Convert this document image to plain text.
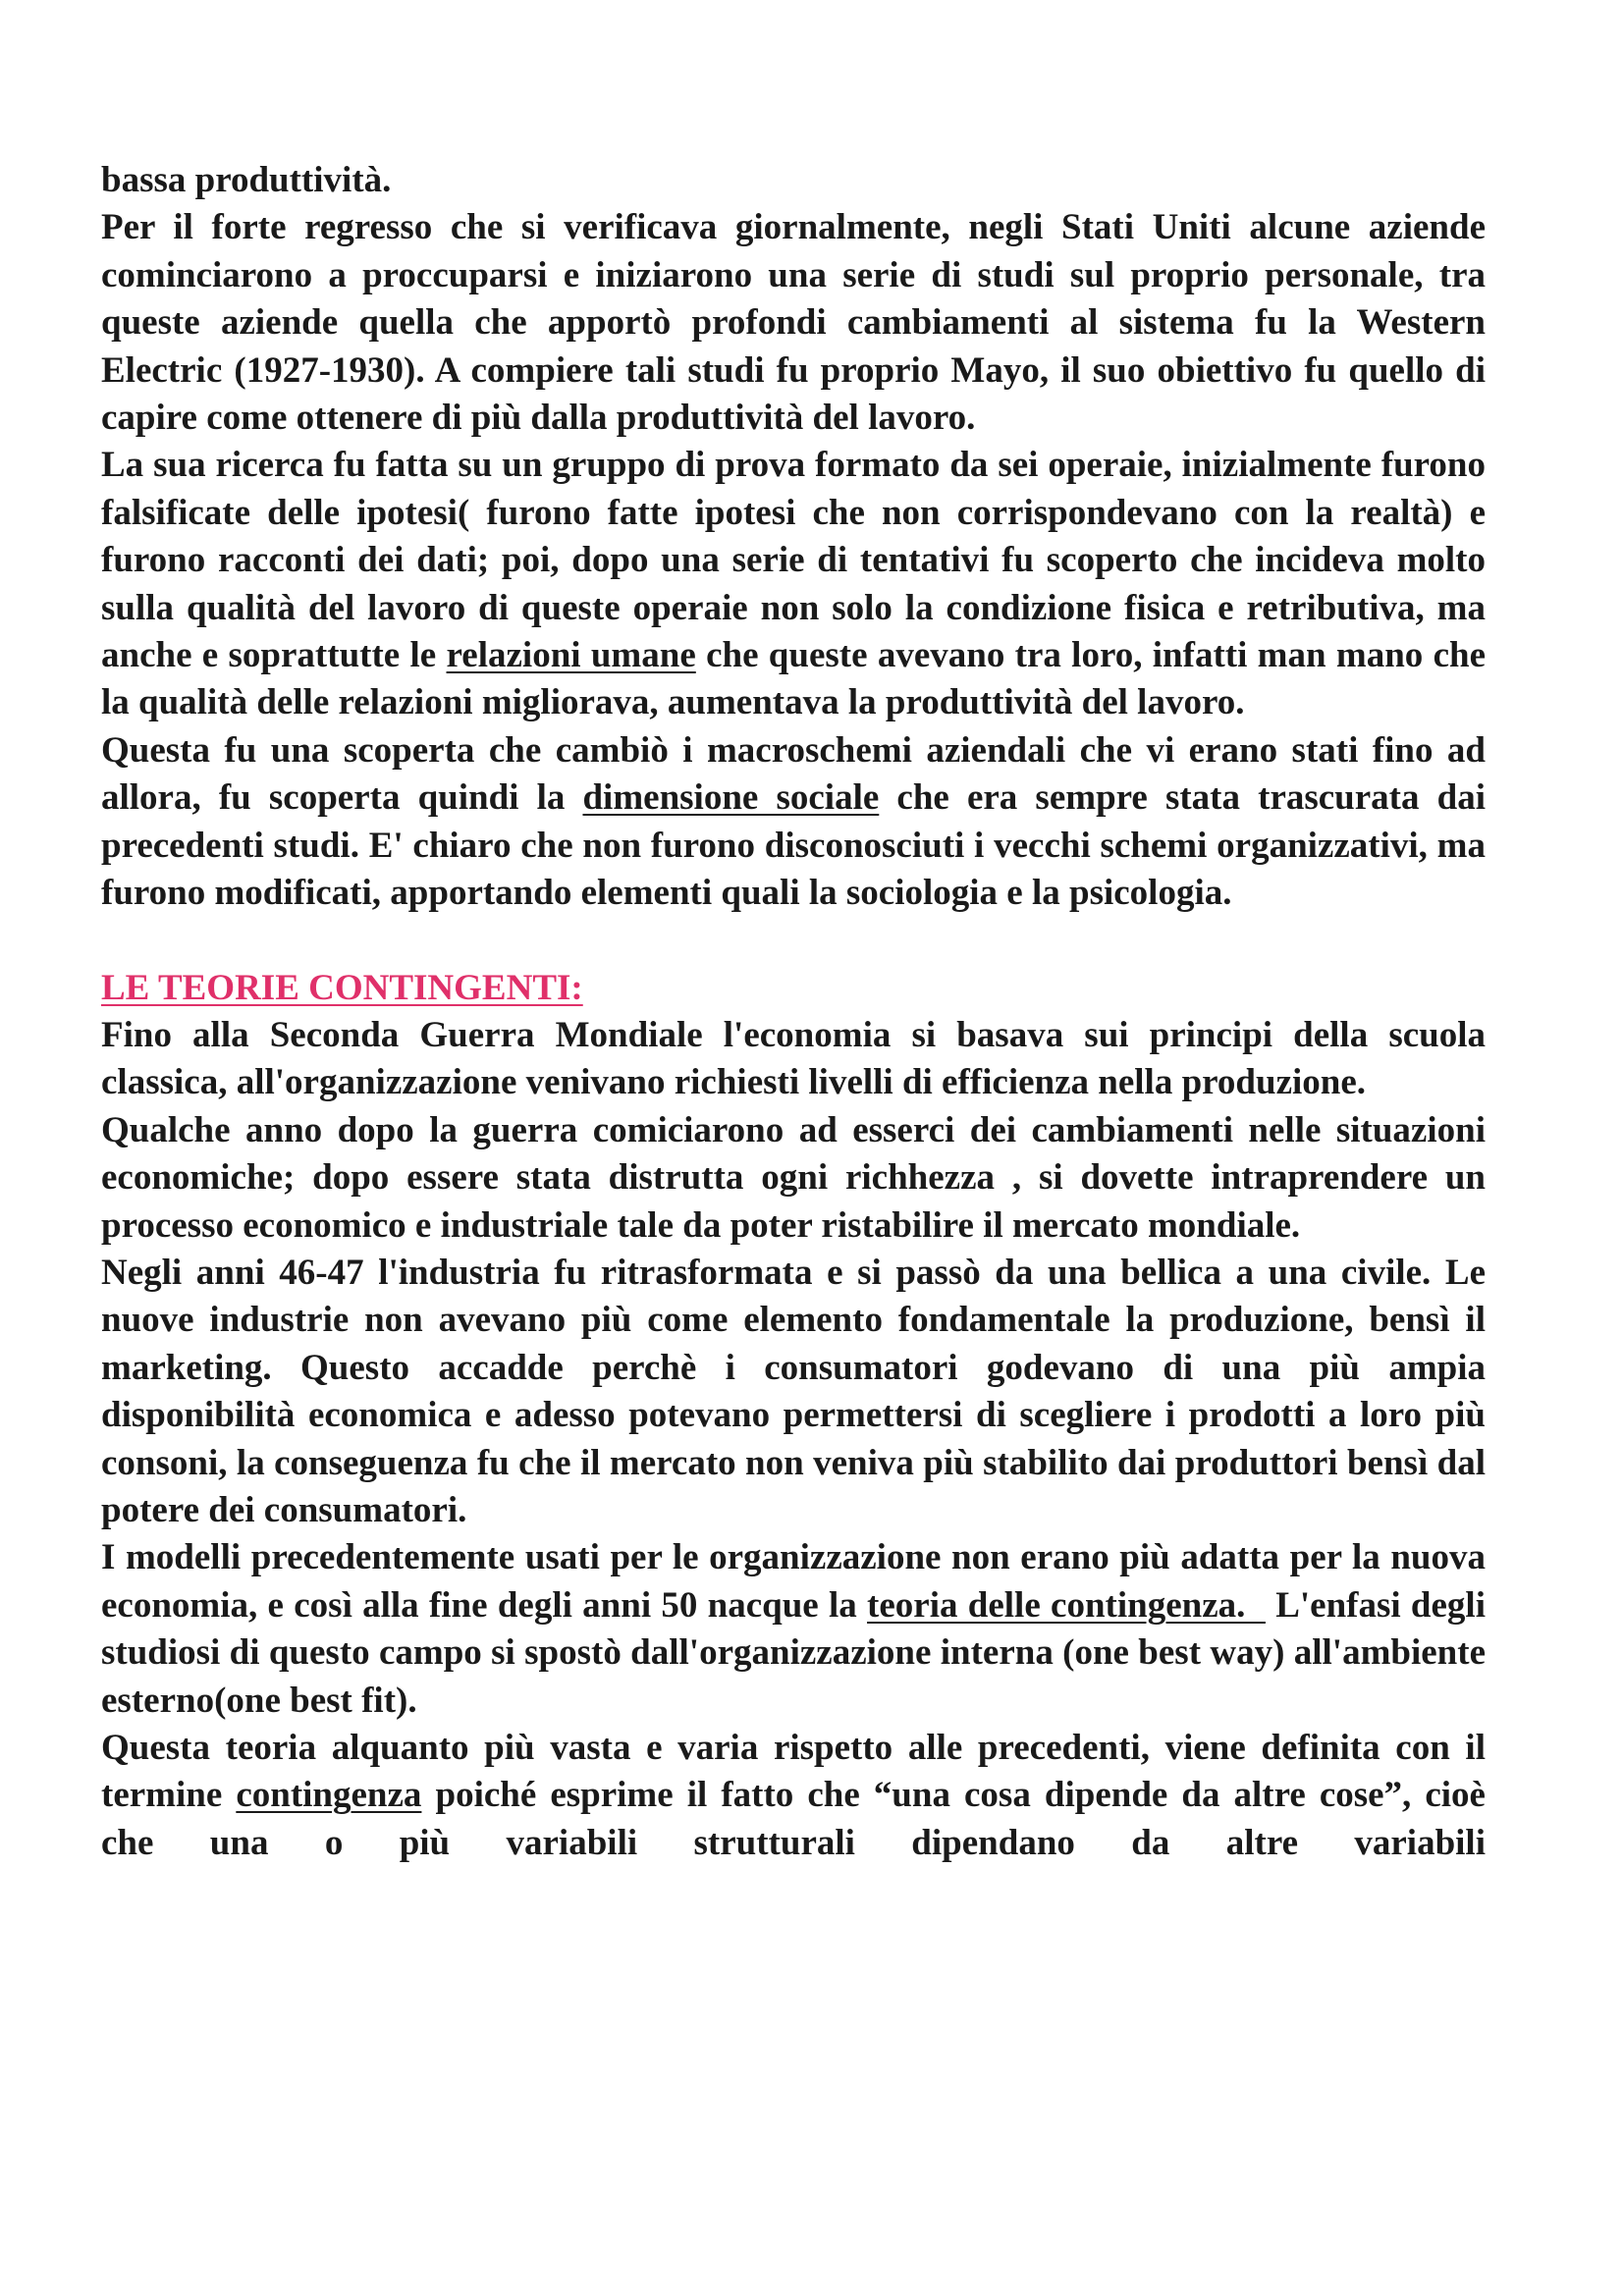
bassa produttività.

Per il forte regresso che si verificava giornalmente, negli Stati Uniti alcune aziende cominciarono a proccuparsi e iniziarono una serie di studi sul proprio personale, tra queste aziende quella che apportò profondi cambiamenti al sistema fu la Western Electric (1927-1930). A compiere tali studi fu proprio Mayo, il suo obiettivo fu quello di capire come ottenere di più dalla produttività del lavoro.

La sua ricerca fu fatta su un gruppo di prova formato da sei operaie, inizialmente furono falsificate delle ipotesi( furono fatte ipotesi che non corrispondevano con la realtà) e furono racconti dei dati; poi, dopo una serie di tentativi fu scoperto che incideva molto sulla qualità del lavoro di queste operaie non solo la condizione fisica e retributiva, ma anche e soprattutte le relazioni umane che queste avevano tra loro, infatti man mano che la qualità delle relazioni migliorava, aumentava la produttività del lavoro.

Questa fu una scoperta che cambiò i macroschemi aziendali che vi erano stati fino ad allora, fu scoperta quindi la dimensione sociale che era sempre stata trascurata dai precedenti studi. E' chiaro che non furono disconosciuti i vecchi schemi organizzativi, ma furono modificati, apportando elementi quali la sociologia e la psicologia.

LE TEORIE CONTINGENTI:

Fino alla Seconda Guerra Mondiale l'economia si basava sui principi della scuola classica, all'organizzazione venivano richiesti livelli di efficienza nella produzione.

Qualche anno dopo la guerra comiciarono ad esserci dei cambiamenti nelle situazioni economiche; dopo essere stata distrutta ogni richhezza , si dovette intraprendere un processo economico e industriale tale da poter ristabilire il mercato mondiale.

Negli anni 46-47 l'industria fu ritrasformata e si passò da una bellica a una civile. Le nuove industrie non avevano più come elemento fondamentale la produzione, bensì il marketing. Questo accadde perchè i consumatori godevano di una più ampia disponibilità economica e adesso potevano permettersi di scegliere i prodotti a loro più consoni, la conseguenza fu che il mercato non veniva più stabilito dai produttori bensì dal potere dei consumatori.

I modelli precedentemente usati per le organizzazione non erano più adatta per la nuova economia, e così alla fine degli anni 50 nacque la teoria delle contingenza.   L'enfasi degli studiosi di questo campo si spostò dall'organizzazione interna (one best way) all'ambiente esterno(one best fit).

Questa teoria alquanto più vasta e varia rispetto alle precedenti, viene definita con il termine contingenza poiché esprime il fatto che “una cosa dipende da altre cose”, cioè che una o più variabili strutturali dipendano da altre variabili
